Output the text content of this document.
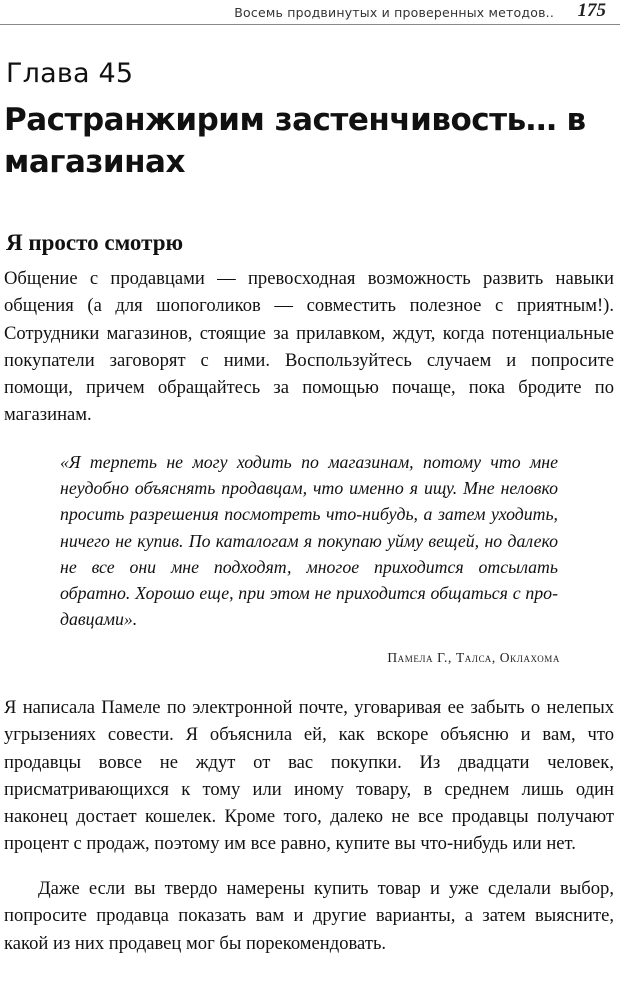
Восемь продвинутых и проверенных методов.. 175
Глава 45
Растранжирим застенчивость… в магазинах
Я просто смотрю

Общение с продавцами — превосходная возможность развить навыки общения (а для шопоголиков — совместить полезное с приятным!). Сотрудники магазинов, стоящие за прилавком, ждут, когда потенциальные покупатели заговорят с ними. Воспользуйтесь случаем и попросите помощи, причем обращайтесь за помощью почаще, пока бродите по магазинам.

«Я терпеть не могу ходить по магазинам, потому что мне неудобно объяснять продавцам, что именно я ищу. Мне неловко просить разрешения посмотреть что-нибудь, а затем уходить, ничего не купив. По каталогам я покупаю уйму вещей, но далеко не все они мне подходят, многое приходится отсылать обратно. Хорошо еще, при этом не приходится общаться с продавцами».

Памела Г., Талса, Оклахома

Я написала Памеле по электронной почте, уговаривая ее забыть о нелепых угрызениях совести. Я объяснила ей, как вскоре объясню и вам, что продавцы вовсе не ждут от вас покупки. Из двадцати человек, присматривающихся к тому или иному товару, в среднем лишь один наконец достает кошелек. Кроме того, далеко не все продавцы получают процент с продаж, поэтому им все равно, купите вы что-нибудь или нет.

Даже если вы твердо намерены купить товар и уже сделали выбор, попросите продавца показать вам и другие варианты, а затем выясните, какой из них продавец мог бы порекомендовать.
